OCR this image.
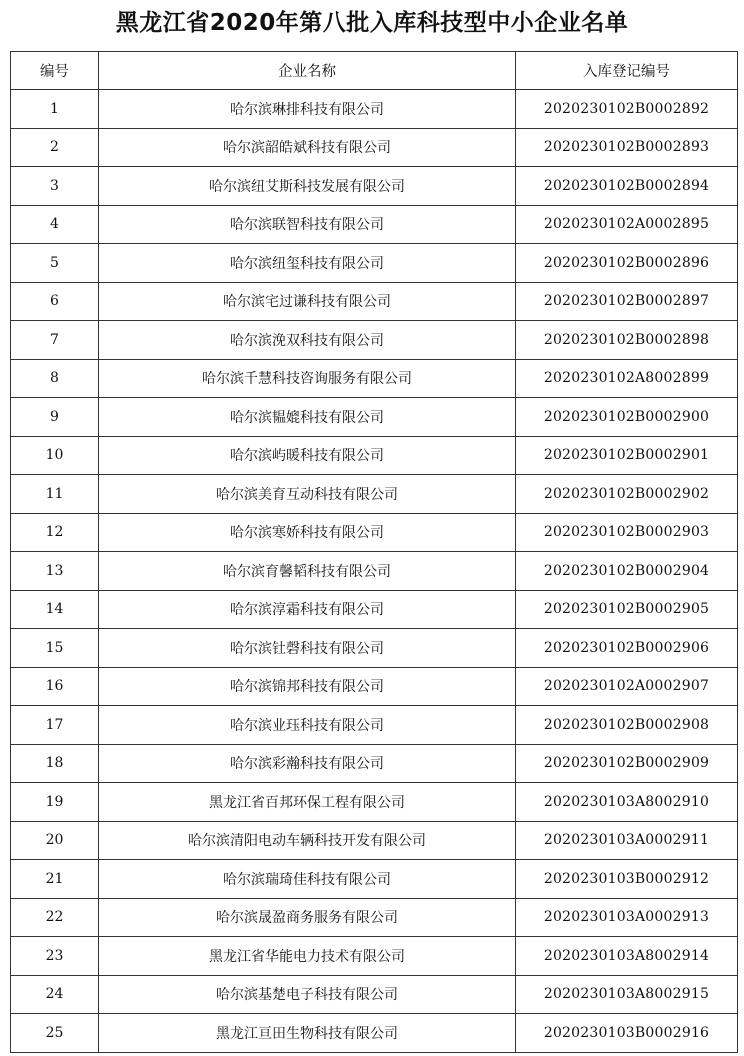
黑龙江省2020年第八批入库科技型中小企业名单
编号	企业名称	入库登记编号
1	哈尔滨琳排科技有限公司	2020230102B0002892
2	哈尔滨韶皓斌科技有限公司	2020230102B0002893
3	哈尔滨纽艾斯科技发展有限公司	2020230102B0002894
4	哈尔滨联智科技有限公司	2020230102A0002895
5	哈尔滨纽玺科技有限公司	2020230102B0002896
6	哈尔滨宅过谦科技有限公司	2020230102B0002897
7	哈尔滨浼双科技有限公司	2020230102B0002898
8	哈尔滨千慧科技咨询服务有限公司	2020230102A8002899
9	哈尔滨韫媲科技有限公司	2020230102B0002900
10	哈尔滨屿暖科技有限公司	2020230102B0002901
11	哈尔滨美育互动科技有限公司	2020230102B0002902
12	哈尔滨寒娇科技有限公司	2020230102B0002903
13	哈尔滨育馨韬科技有限公司	2020230102B0002904
14	哈尔滨淳霜科技有限公司	2020230102B0002905
15	哈尔滨钍磬科技有限公司	2020230102B0002906
16	哈尔滨锦邦科技有限公司	2020230102A0002907
17	哈尔滨业珏科技有限公司	2020230102B0002908
18	哈尔滨彩瀚科技有限公司	2020230102B0002909
19	黑龙江省百邦环保工程有限公司	2020230103A8002910
20	哈尔滨清阳电动车辆科技开发有限公司	2020230103A0002911
21	哈尔滨瑞琦佳科技有限公司	2020230103B0002912
22	哈尔滨晟盈商务服务有限公司	2020230103A0002913
23	黑龙江省华能电力技术有限公司	2020230103A8002914
24	哈尔滨基楚电子科技有限公司	2020230103A8002915
25	黑龙江亘田生物科技有限公司	2020230103B0002916
